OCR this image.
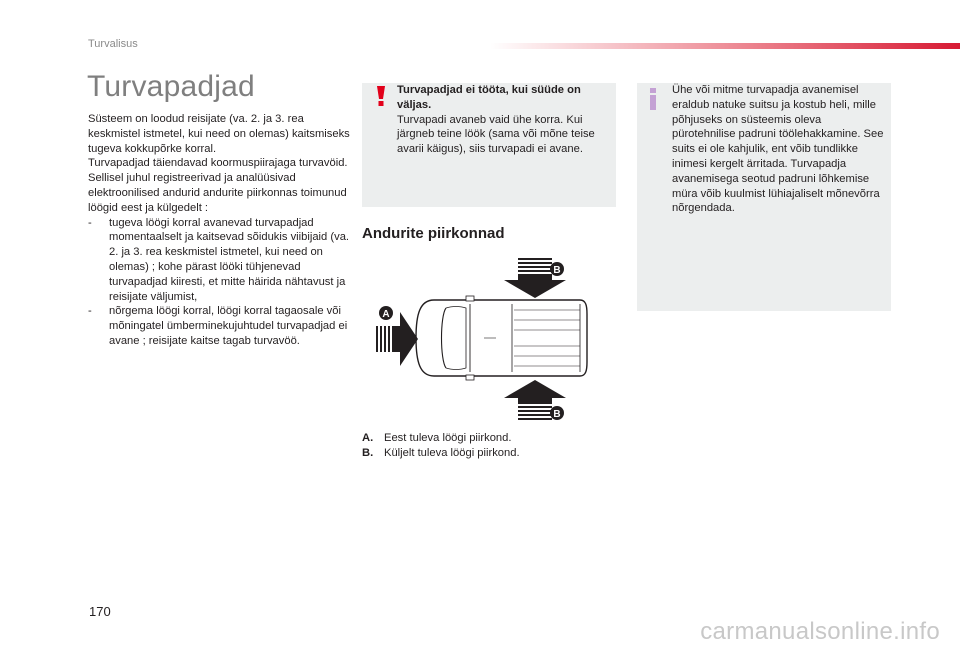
Turvalisus
Turvapadjad

Süsteem on loodud reisijate (va. 2. ja 3. rea keskmistel istmetel, kui need on olemas) kaitsmiseks tugeva kokkupõrke korral.

Turvapadjad täiendavad koormuspiirajaga turvavöid.

Sellisel juhul registreerivad ja analüüsivad elektroonilised andurid andurite piirkonnas toimunud löögid eest ja külgedelt :

- tugeva löögi korral avanevad turvapadjad momentaalselt ja kaitsevad sõidukis viibijaid (va. 2. ja 3. rea keskmistel istmetel, kui need on olemas) ; kohe pärast lööki tühjenevad turvapadjad kiiresti, et mitte häirida nähtavust ja reisijate väljumist,
- nõrgema löögi korral, löögi korral tagaosale või mõningatel ümberminekujuhtudel turvapadjad ei avane ; reisijate kaitse tagab turvavöö.
Turvapadjad ei tööta, kui süüde on väljas.
Turvapadi avaneb vaid ühe korra. Kui järgneb teine löök (sama või mõne teise avarii käigus), siis turvapadi ei avane.
Ühe või mitme turvapadja avanemisel eraldub natuke suitsu ja kostub heli, mille põhjuseks on süsteemis oleva pürotehnilise padruni töölehakkamine. See suits ei ole kahjulik, ent võib tundlikke inimesi kergelt ärritada. Turvapadja avanemisega seotud padruni lõhkemise müra võib kuulmist lühiajaliselt mõnevõrra nõrgendada.
Andurite piirkonnad
A
B
B
A. Eest tuleva löögi piirkond.
B. Küljelt tuleva löögi piirkond.
170
carmanualsonline.info
